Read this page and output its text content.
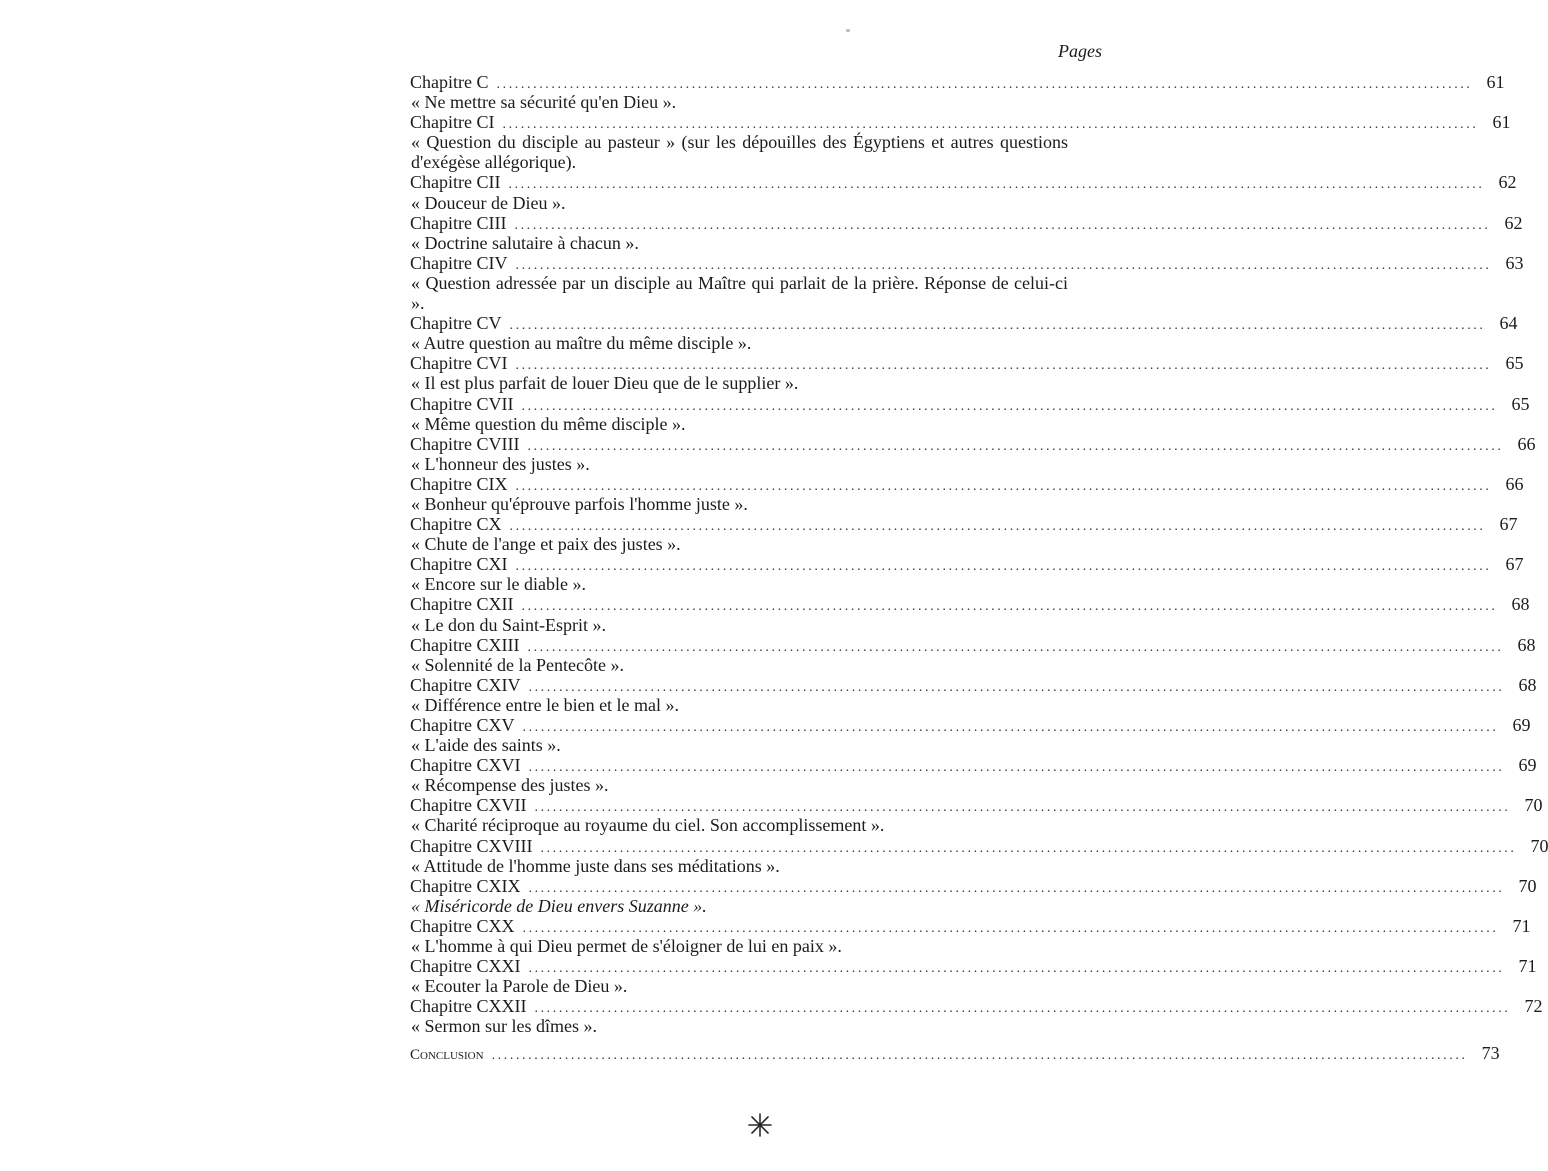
Pages
Chapitre C ................................................................................................................................................................ 61
« Ne mettre sa sécurité qu'en Dieu ».
Chapitre CI ................................................................................................................................................................ 61
« Question du disciple au pasteur » (sur les dépouilles des Égyptiens et autres questions d'exégèse allégorique).
Chapitre CII ................................................................................................................................................................ 62
« Douceur de Dieu ».
Chapitre CIII ................................................................................................................................................................ 62
« Doctrine salutaire à chacun ».
Chapitre CIV ................................................................................................................................................................ 63
« Question adressée par un disciple au Maître qui parlait de la prière. Réponse de celui-ci ».
Chapitre CV ................................................................................................................................................................ 64
« Autre question au maître du même disciple ».
Chapitre CVI ................................................................................................................................................................ 65
« Il est plus parfait de louer Dieu que de le supplier ».
Chapitre CVII ................................................................................................................................................................ 65
« Même question du même disciple ».
Chapitre CVIII ................................................................................................................................................................ 66
« L'honneur des justes ».
Chapitre CIX ................................................................................................................................................................ 66
« Bonheur qu'éprouve parfois l'homme juste ».
Chapitre CX ................................................................................................................................................................ 67
« Chute de l'ange et paix des justes ».
Chapitre CXI ................................................................................................................................................................ 67
« Encore sur le diable ».
Chapitre CXII ................................................................................................................................................................ 68
« Le don du Saint-Esprit ».
Chapitre CXIII ................................................................................................................................................................ 68
« Solennité de la Pentecôte ».
Chapitre CXIV ................................................................................................................................................................ 68
« Différence entre le bien et le mal ».
Chapitre CXV ................................................................................................................................................................ 69
« L'aide des saints ».
Chapitre CXVI ................................................................................................................................................................ 69
« Récompense des justes ».
Chapitre CXVII ................................................................................................................................................................ 70
« Charité réciproque au royaume du ciel. Son accomplissement ».
Chapitre CXVIII ................................................................................................................................................................ 70
« Attitude de l'homme juste dans ses méditations ».
Chapitre CXIX ................................................................................................................................................................ 70
« Miséricorde de Dieu envers Suzanne ».
Chapitre CXX ................................................................................................................................................................ 71
« L'homme à qui Dieu permet de s'éloigner de lui en paix ».
Chapitre CXXI ................................................................................................................................................................ 71
« Ecouter la Parole de Dieu ».
Chapitre CXXII ................................................................................................................................................................ 72
« Sermon sur les dîmes ».
Conclusion ................................................................................................................................................................ 73
